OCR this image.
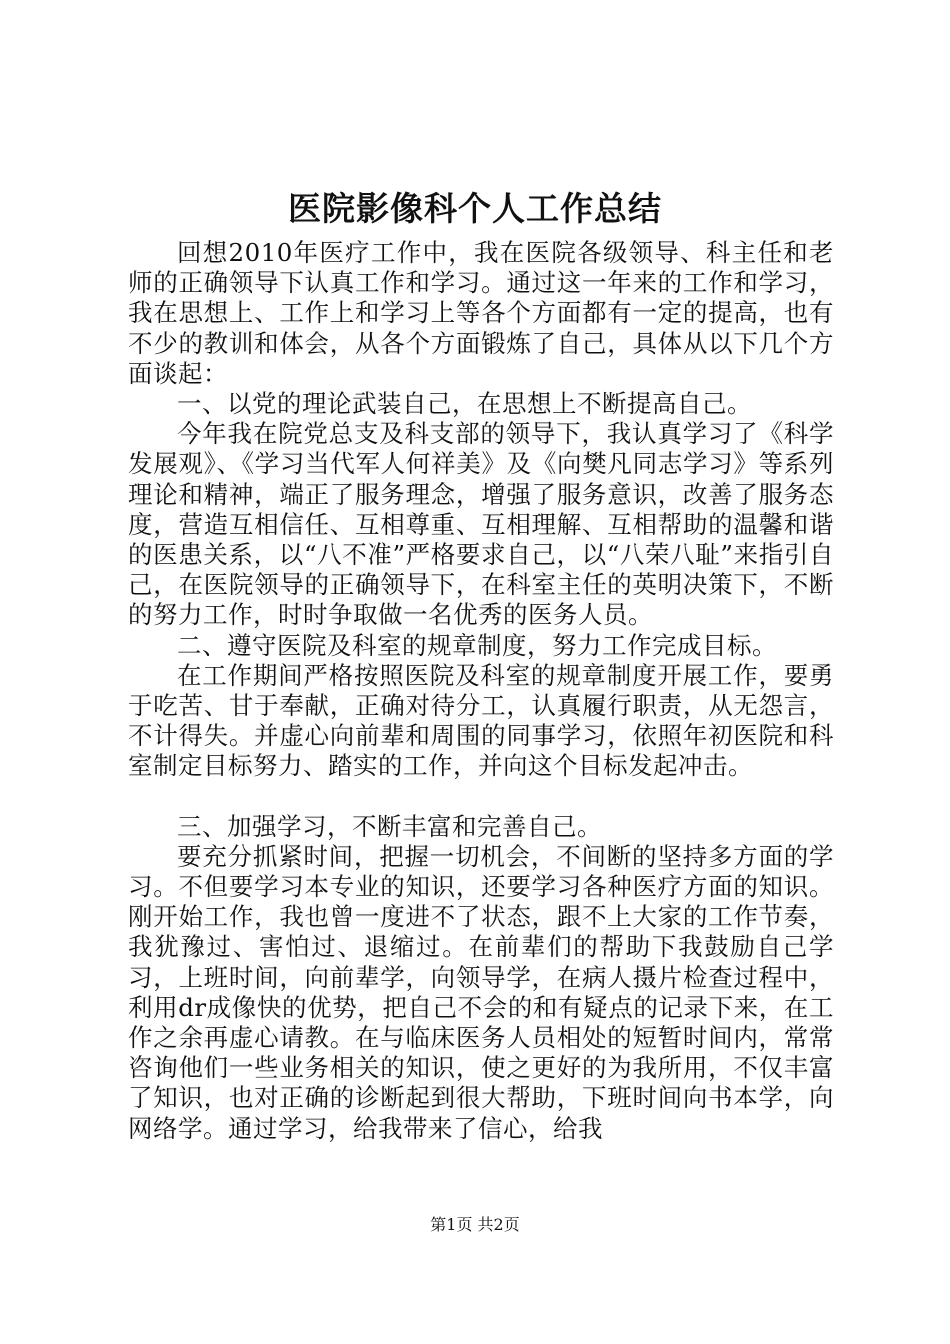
医院影像科个人工作总结

回想2010年医疗工作中，我在医院各级领导、科主任和老师的正确领导下认真工作和学习。通过这一年来的工作和学习，我在思想上、工作上和学习上等各个方面都有一定的提高，也有不少的教训和体会，从各个方面锻炼了自己，具体从以下几个方面谈起：

一、以党的理论武装自己，在思想上不断提高自己。

今年我在院党总支及科支部的领导下，我认真学习了《科学发展观》、《学习当代军人何祥美》及《向樊凡同志学习》等系列理论和精神，端正了服务理念，增强了服务意识，改善了服务态度，营造互相信任、互相尊重、互相理解、互相帮助的温馨和谐的医患关系，以“八不准”严格要求自己，以“八荣八耻”来指引自己，在医院领导的正确领导下，在科室主任的英明决策下，不断的努力工作，时时争取做一名优秀的医务人员。

二、遵守医院及科室的规章制度，努力工作完成目标。

在工作期间严格按照医院及科室的规章制度开展工作，要勇于吃苦、甘于奉献，正确对待分工，认真履行职责，从无怨言，不计得失。并虚心向前辈和周围的同事学习，依照年初医院和科室制定目标努力、踏实的工作，并向这个目标发起冲击。

三、加强学习，不断丰富和完善自己。

要充分抓紧时间，把握一切机会，不间断的坚持多方面的学习。不但要学习本专业的知识，还要学习各种医疗方面的知识。刚开始工作，我也曾一度进不了状态，跟不上大家的工作节奏，我犹豫过、害怕过、退缩过。在前辈们的帮助下我鼓励自己学习，上班时间，向前辈学，向领导学，在病人摄片检查过程中，利用dr成像快的优势，把自己不会的和有疑点的记录下来，在工作之余再虚心请教。在与临床医务人员相处的短暂时间内，常常咨询他们一些业务相关的知识，使之更好的为我所用，不仅丰富了知识，也对正确的诊断起到很大帮助，下班时间向书本学，向网络学。通过学习，给我带来了信心，给我

第1页 共2页
